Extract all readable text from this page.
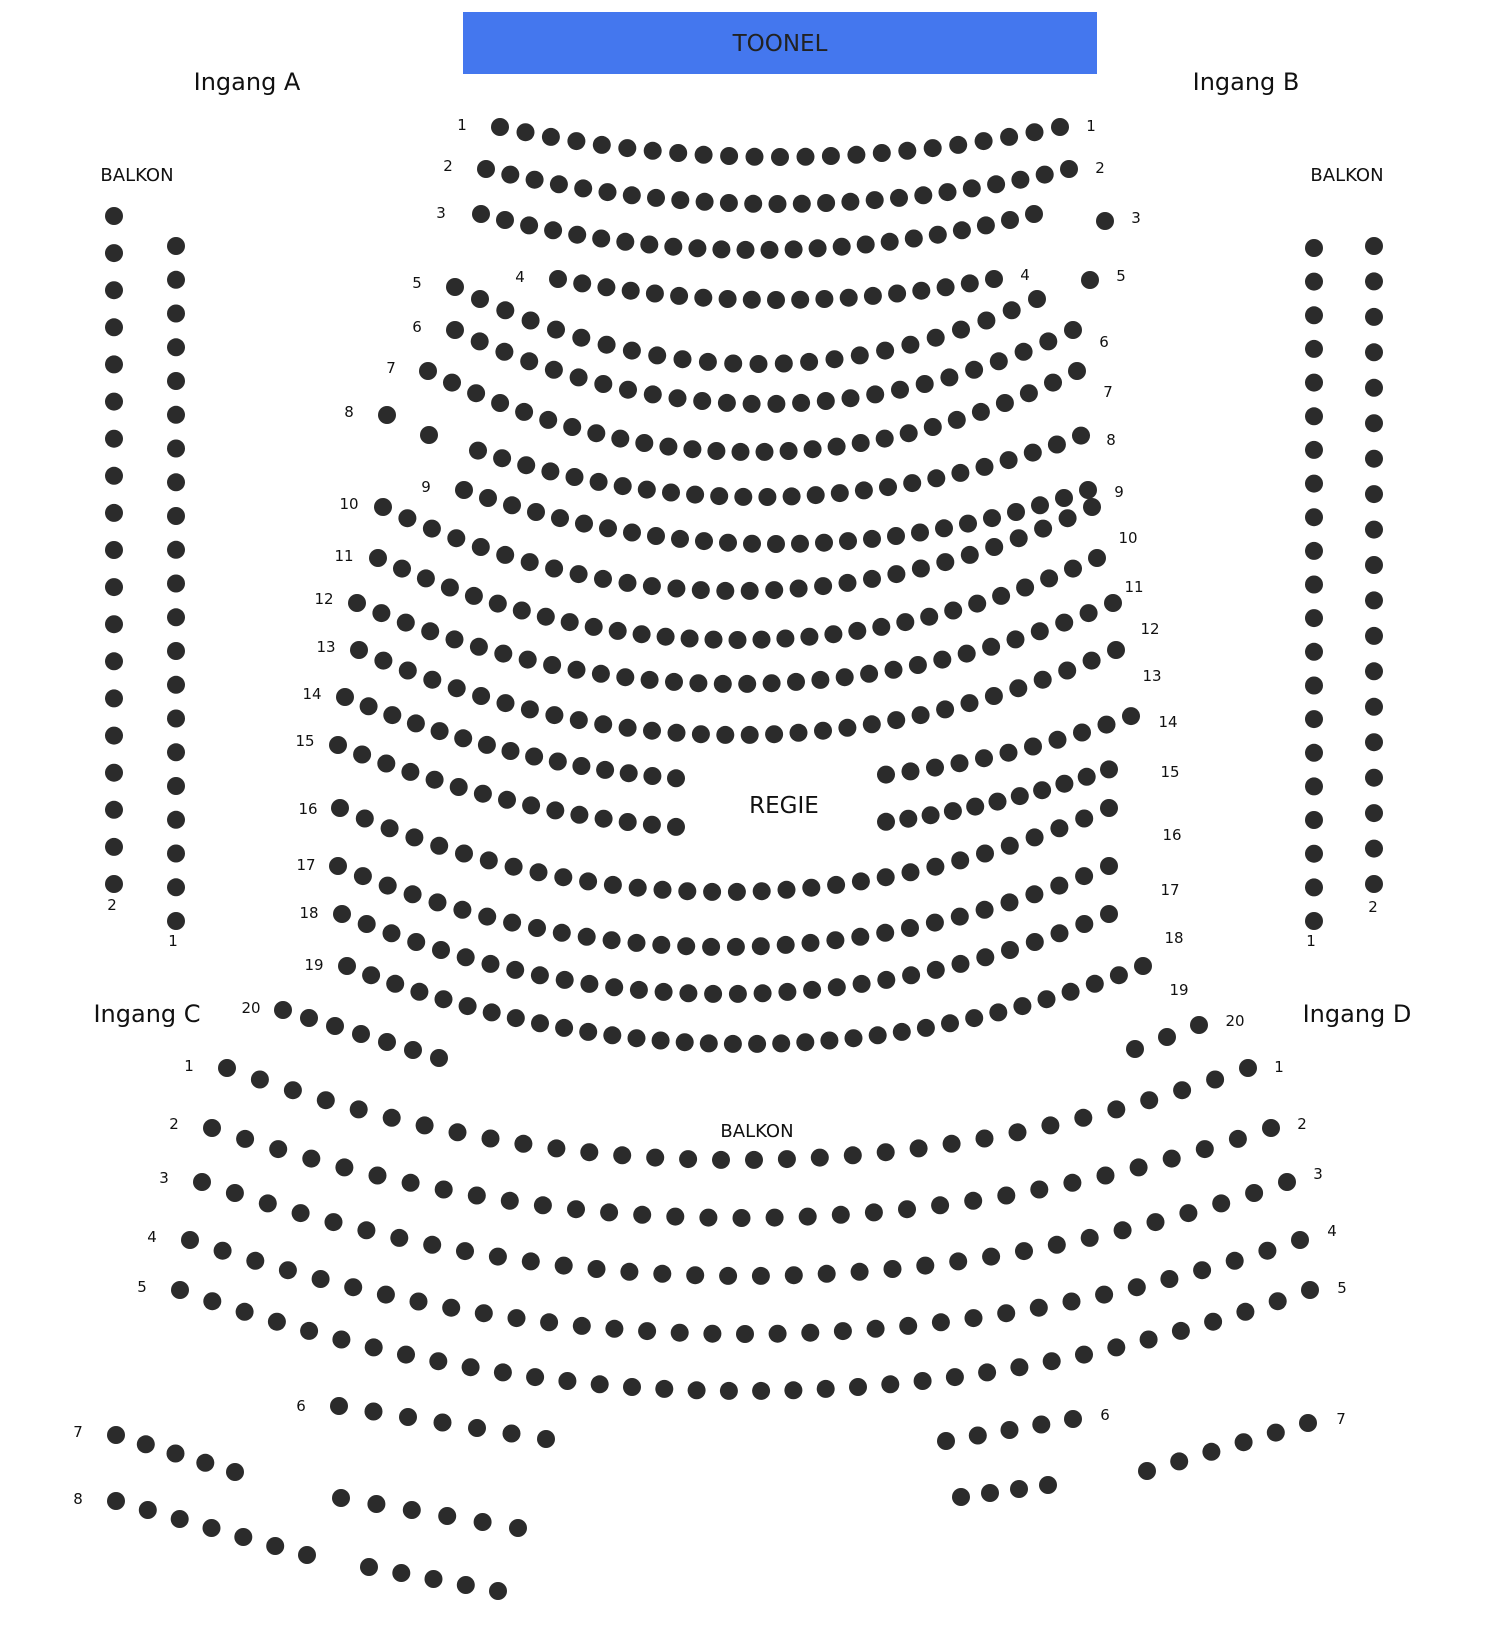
TOONEL
Ingang A	Ingang B
Ingang C	Ingang D
BALKON	BALKON
BALKON
REGIE
1	1
2	2
3	3
4	4
5	5
6
6
7
7
8
8
9	9
10
10
11
11
12
12
13
13
14
14
15
15
16
16
17
17
18
18
19
19
20
20
2
1	1
2
1	1
2	2
3	3
4	4
5	5
6	6
7
7
8
